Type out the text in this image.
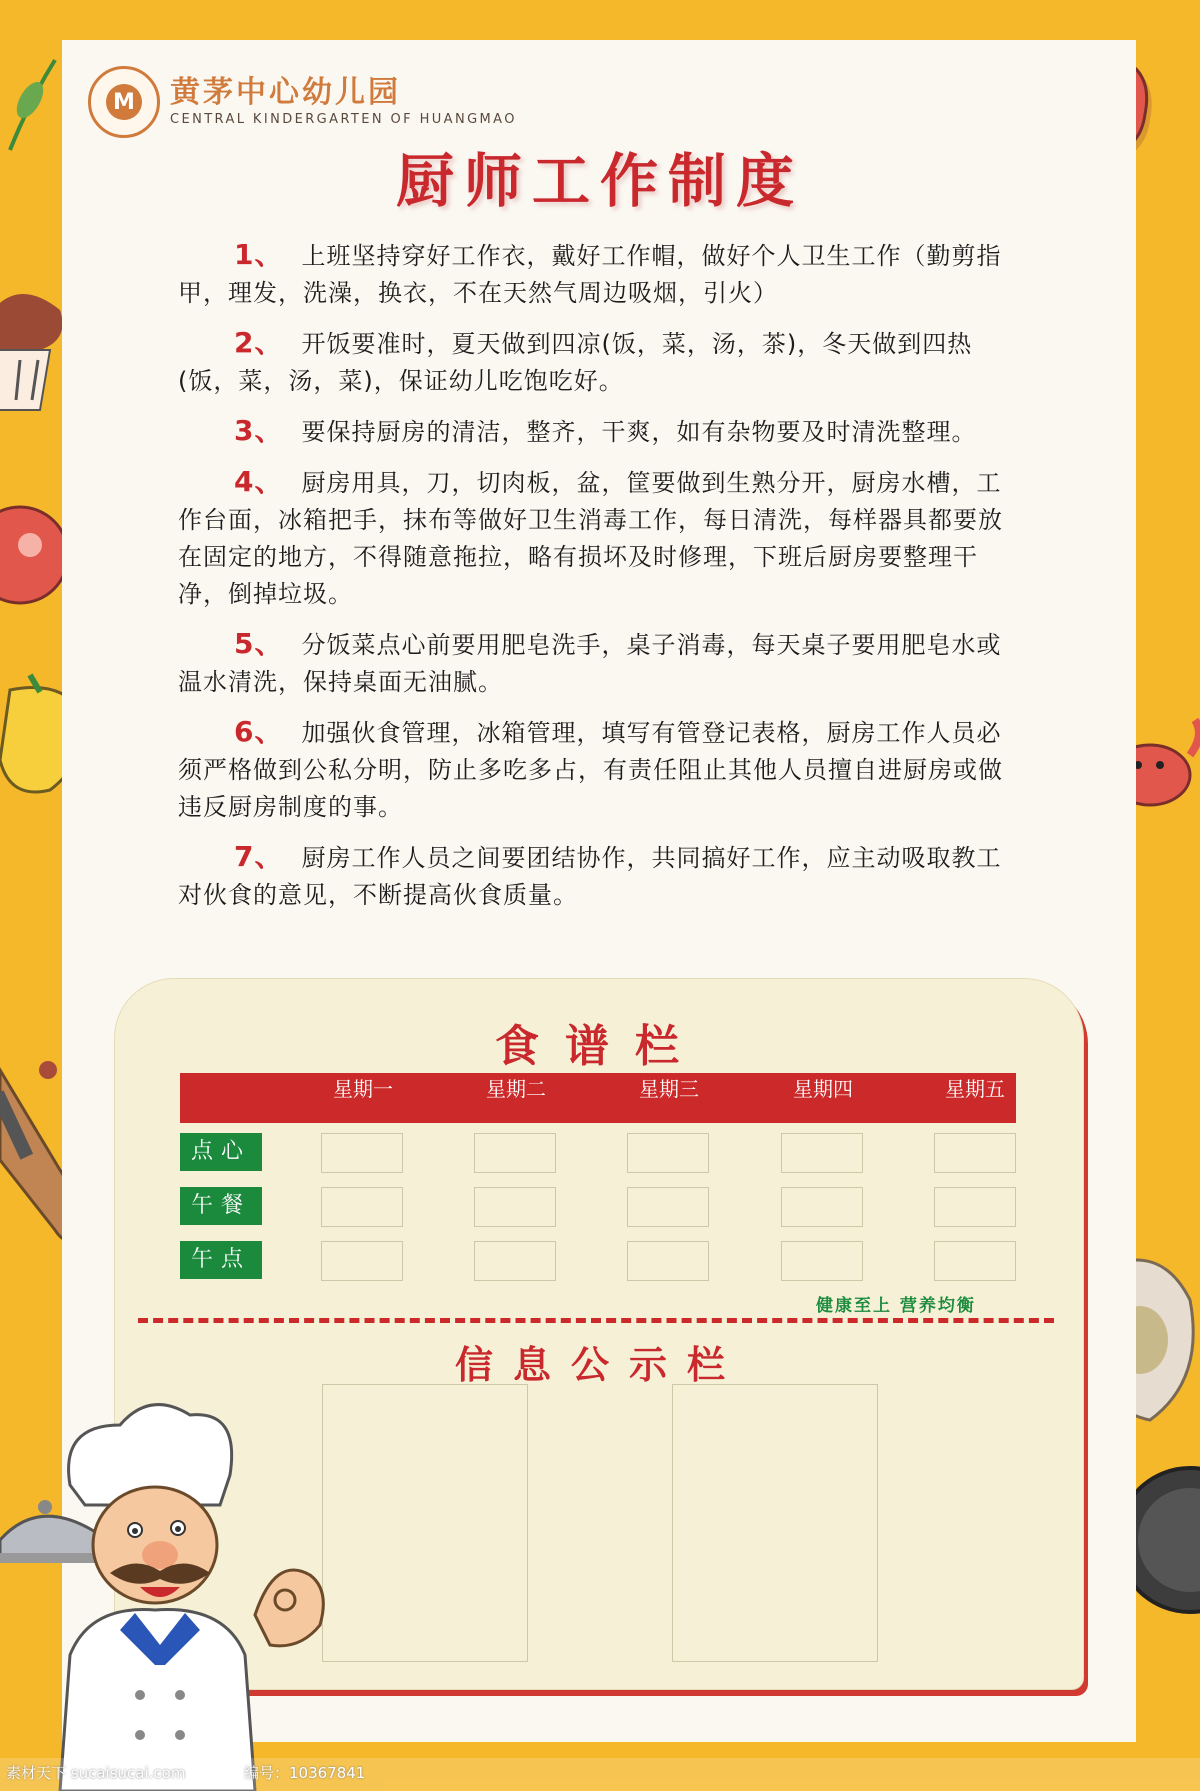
M 黄茅中心幼儿园
CENTRAL KINDERGARTEN OF HUANGMAO
厨师工作制度
1、 上班坚持穿好工作衣，戴好工作帽，做好个人卫生工作（勤剪指甲，理发，洗澡，换衣，不在天然气周边吸烟，引火）
2、 开饭要准时，夏天做到四凉(饭，菜，汤，茶)，冬天做到四热(饭，菜，汤，菜)，保证幼儿吃饱吃好。
3、 要保持厨房的清洁，整齐，干爽，如有杂物要及时清洗整理。
4、 厨房用具，刀，切肉板，盆，筐要做到生熟分开，厨房水槽，工作台面，冰箱把手，抹布等做好卫生消毒工作，每日清洗，每样器具都要放在固定的地方，不得随意拖拉，略有损坏及时修理，下班后厨房要整理干净，倒掉垃圾。
5、 分饭菜点心前要用肥皂洗手，桌子消毒，每天桌子要用肥皂水或温水清洗，保持桌面无油腻。
6、 加强伙食管理，冰箱管理，填写有管登记表格，厨房工作人员必须严格做到公私分明，防止多吃多占，有责任阻止其他人员擅自进厨房或做违反厨房制度的事。
7、 厨房工作人员之间要团结协作，共同搞好工作，应主动吸取教工对伙食的意见，不断提高伙食质量。
食谱栏
星期一	星期二	星期三	星期四	星期五
点心
午餐
午点
健康至上 营养均衡
信息公示栏
素材天下 sucaisucai.com	编号：10367841
